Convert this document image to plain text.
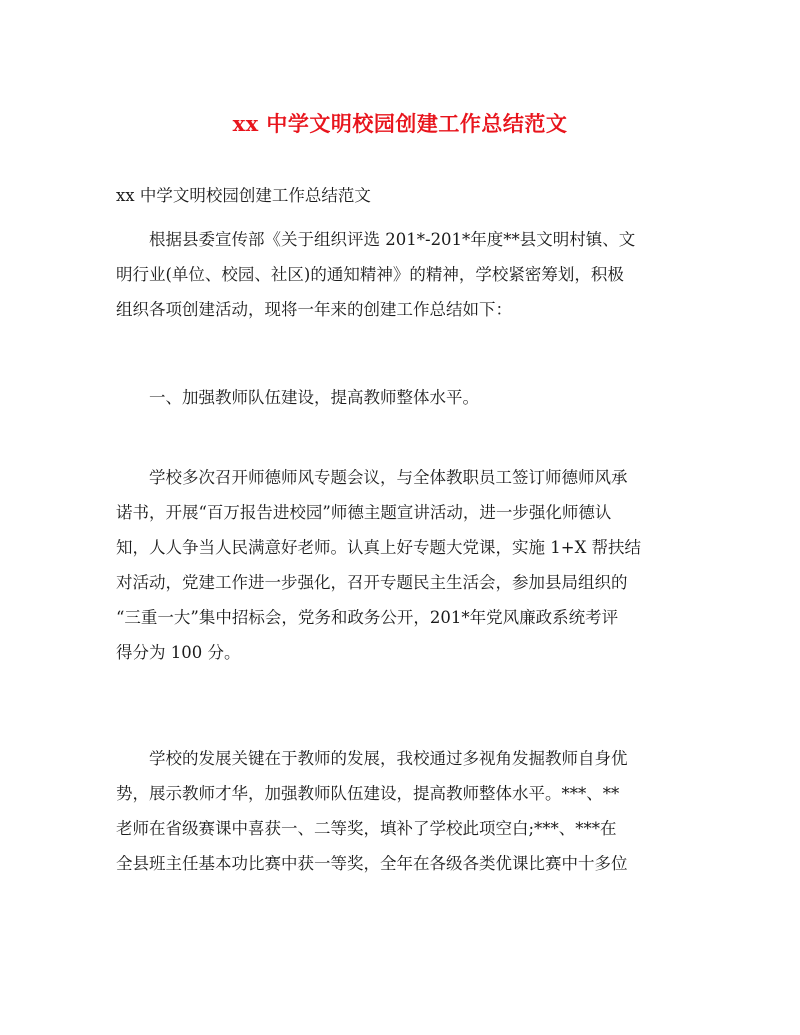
xx 中学文明校园创建工作总结范文

xx 中学文明校园创建工作总结范文

根据县委宣传部《关于组织评选 201*-201*年度**县文明村镇、文
明行业(单位、校园、社区)的通知精神》的精神，学校紧密筹划，积极
组织各项创建活动，现将一年来的创建工作总结如下：
一、加强教师队伍建设，提高教师整体水平。
学校多次召开师德师风专题会议，与全体教职员工签订师德师风承
诺书，开展“百万报告进校园”师德主题宣讲活动，进一步强化师德认
知，人人争当人民满意好老师。认真上好专题大党课，实施 1+X 帮扶结
对活动，党建工作进一步强化，召开专题民主生活会，参加县局组织的
“三重一大”集中招标会，党务和政务公开，201*年党风廉政系统考评
得分为 100 分。
学校的发展关键在于教师的发展，我校通过多视角发掘教师自身优
势，展示教师才华，加强教师队伍建设，提高教师整体水平。***、**
老师在省级赛课中喜获一、二等奖，填补了学校此项空白;***、***在
全县班主任基本功比赛中获一等奖，全年在各级各类优课比赛中十多位
